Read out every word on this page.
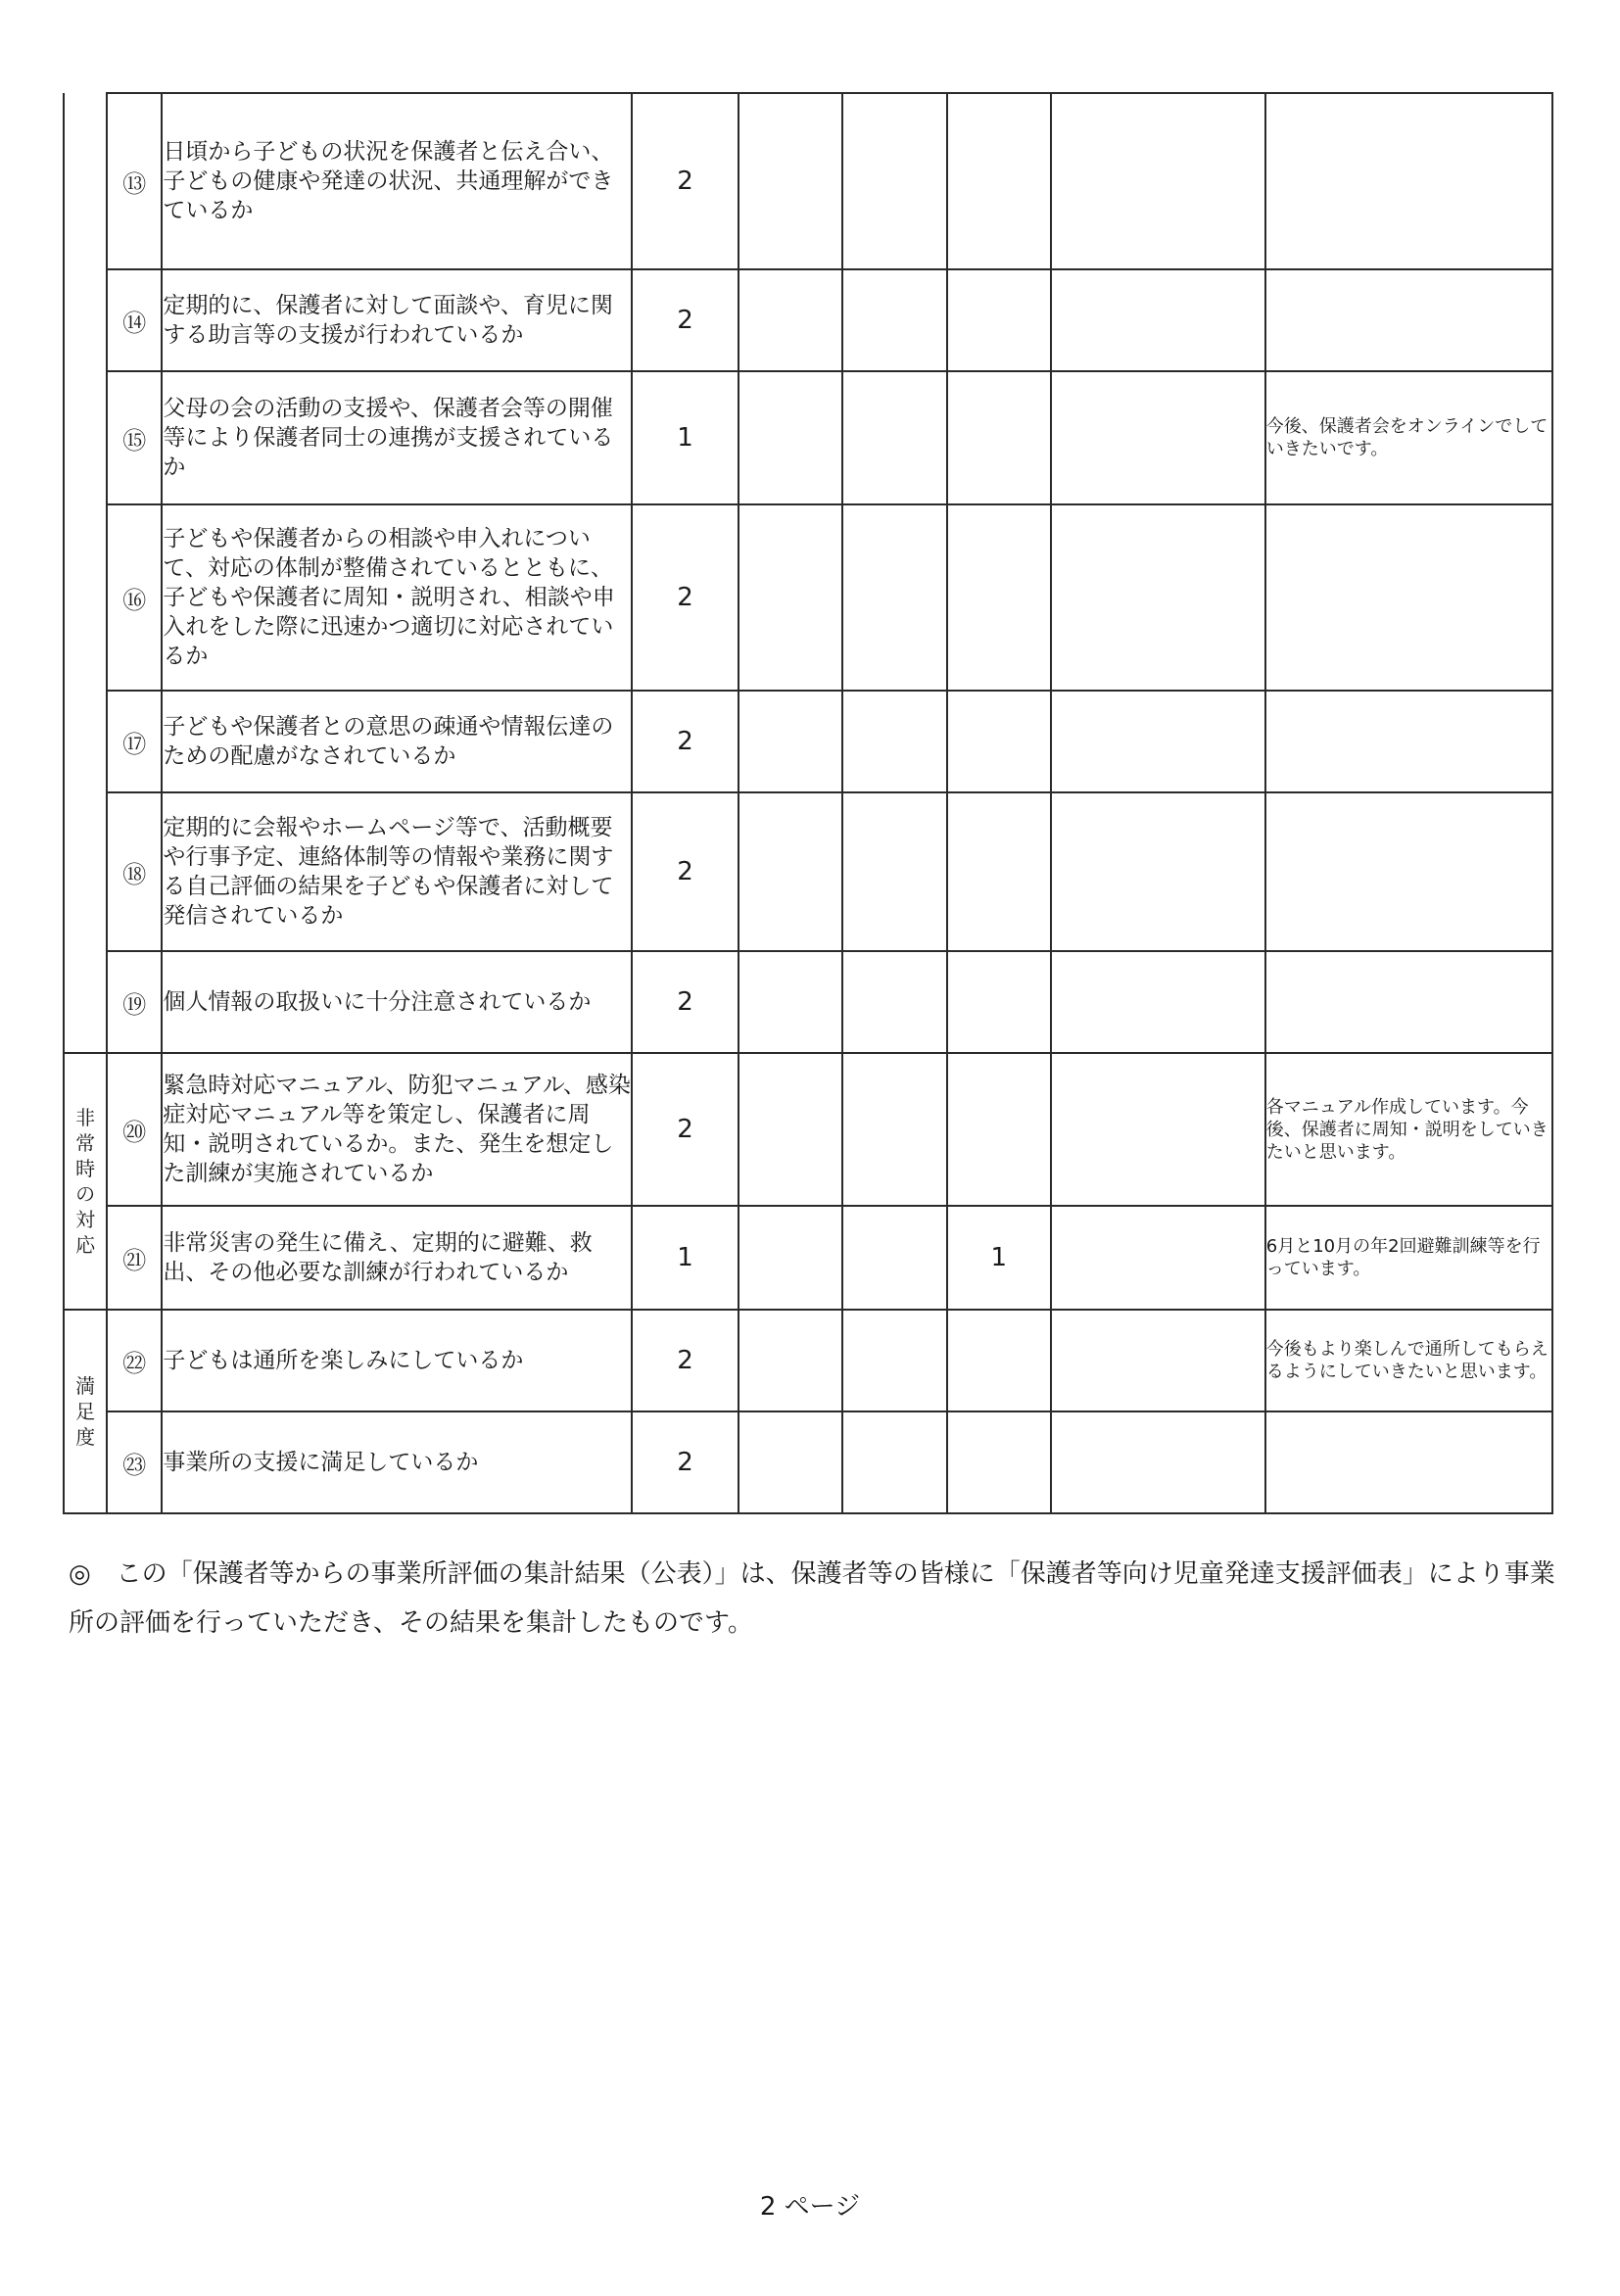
	⑬	日頃から子どもの状況を保護者と伝え合い、子どもの健康や発達の状況、共通理解ができているか	2					
	⑭	定期的に、保護者に対して面談や、育児に関する助言等の支援が行われているか	2					
	⑮	父母の会の活動の支援や、保護者会等の開催等により保護者同士の連携が支援されているか	1					今後、保護者会をオンラインでしていきたいです。
	⑯	子どもや保護者からの相談や申入れについて、対応の体制が整備されているとともに、子どもや保護者に周知・説明され、相談や申入れをした際に迅速かつ適切に対応されているか	2					
	⑰	子どもや保護者との意思の疎通や情報伝達のための配慮がなされているか	2					
	⑱	定期的に会報やホームページ等で、活動概要や行事予定、連絡体制等の情報や業務に関する自己評価の結果を子どもや保護者に対して発信されているか	2					
	⑲	個人情報の取扱いに十分注意されているか	2					
非常時の対応	⑳	緊急時対応マニュアル、防犯マニュアル、感染症対応マニュアル等を策定し、保護者に周知・説明されているか。また、発生を想定した訓練が実施されているか	2					各マニュアル作成しています。今後、保護者に周知・説明をしていきたいと思います。
	㉑	非常災害の発生に備え、定期的に避難、救出、その他必要な訓練が行われているか	1			1		6月と10月の年2回避難訓練等を行っています。
満足度	㉒	子どもは通所を楽しみにしているか	2					今後もより楽しんで通所してもらえるようにしていきたいと思います。
	㉓	事業所の支援に満足しているか	2					
◎　この「保護者等からの事業所評価の集計結果（公表）」は、保護者等の皆様に「保護者等向け児童発達支援評価表」により事業所の評価を行っていただき、その結果を集計したものです。
2 ページ
